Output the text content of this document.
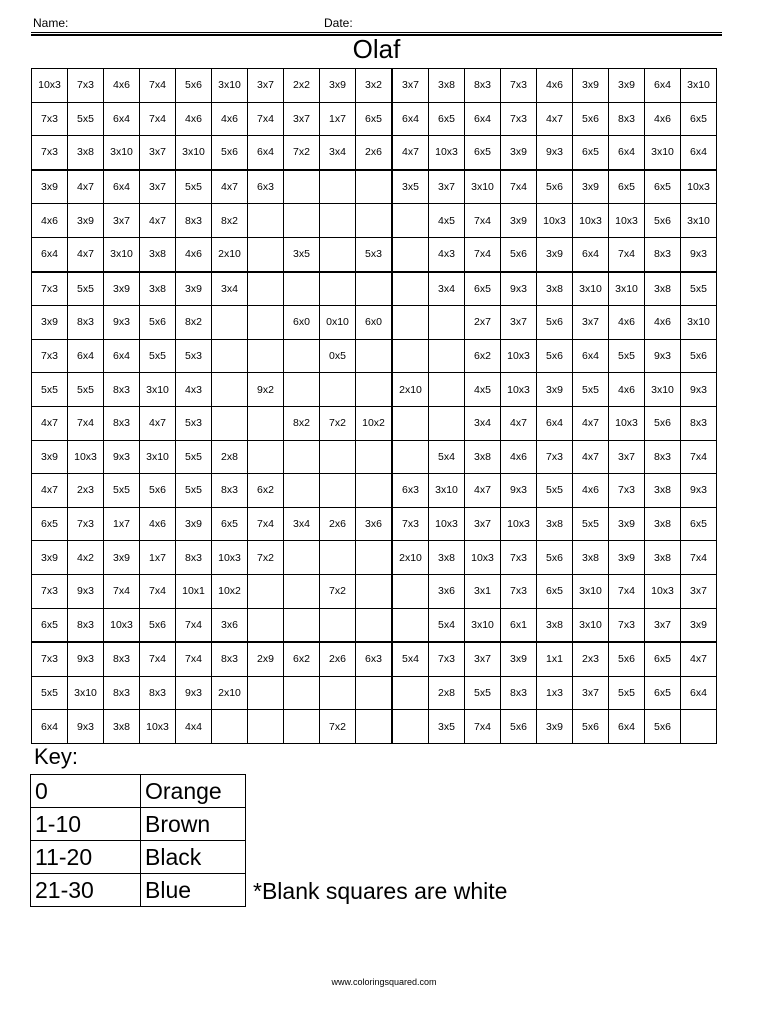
Name:	Date:
Olaf
10x3	7x3	4x6	7x4	5x6	3x10	3x7	2x2	3x9	3x2	3x7	3x8	8x3	7x3	4x6	3x9	3x9	6x4	3x10
7x3	5x5	6x4	7x4	4x6	4x6	7x4	3x7	1x7	6x5	6x4	6x5	6x4	7x3	4x7	5x6	8x3	4x6	6x5
7x3	3x8	3x10	3x7	3x10	5x6	6x4	7x2	3x4	2x6	4x7	10x3	6x5	3x9	9x3	6x5	6x4	3x10	6x4
3x9	4x7	6x4	3x7	5x5	4x7	6x3				3x5	3x7	3x10	7x4	5x6	3x9	6x5	6x5	10x3
4x6	3x9	3x7	4x7	8x3	8x2						4x5	7x4	3x9	10x3	10x3	10x3	5x6	3x10
6x4	4x7	3x10	3x8	4x6	2x10		3x5		5x3		4x3	7x4	5x6	3x9	6x4	7x4	8x3	9x3
7x3	5x5	3x9	3x8	3x9	3x4						3x4	6x5	9x3	3x8	3x10	3x10	3x8	5x5
3x9	8x3	9x3	5x6	8x2			6x0	0x10	6x0			2x7	3x7	5x6	3x7	4x6	4x6	3x10
7x3	6x4	6x4	5x5	5x3				0x5				6x2	10x3	5x6	6x4	5x5	9x3	5x6
5x5	5x5	8x3	3x10	4x3		9x2				2x10		4x5	10x3	3x9	5x5	4x6	3x10	9x3
4x7	7x4	8x3	4x7	5x3			8x2	7x2	10x2			3x4	4x7	6x4	4x7	10x3	5x6	8x3
3x9	10x3	9x3	3x10	5x5	2x8						5x4	3x8	4x6	7x3	4x7	3x7	8x3	7x4
4x7	2x3	5x5	5x6	5x5	8x3	6x2				6x3	3x10	4x7	9x3	5x5	4x6	7x3	3x8	9x3
6x5	7x3	1x7	4x6	3x9	6x5	7x4	3x4	2x6	3x6	7x3	10x3	3x7	10x3	3x8	5x5	3x9	3x8	6x5
3x9	4x2	3x9	1x7	8x3	10x3	7x2				2x10	3x8	10x3	7x3	5x6	3x8	3x9	3x8	7x4
7x3	9x3	7x4	7x4	10x1	10x2			7x2			3x6	3x1	7x3	6x5	3x10	7x4	10x3	3x7
6x5	8x3	10x3	5x6	7x4	3x6						5x4	3x10	6x1	3x8	3x10	7x3	3x7	3x9
7x3	9x3	8x3	7x4	7x4	8x3	2x9	6x2	2x6	6x3	5x4	7x3	3x7	3x9	1x1	2x3	5x6	6x5	4x7
5x5	3x10	8x3	8x3	9x3	2x10						2x8	5x5	8x3	1x3	3x7	5x5	6x5	6x4
6x4	9x3	3x8	10x3	4x4				7x2			3x5	7x4	5x6	3x9	5x6	6x4	5x6	
Key:
0	Orange
1-10	Brown
11-20	Black
21-30	Blue	*Blank squares are white
www.coloringsquared.com
